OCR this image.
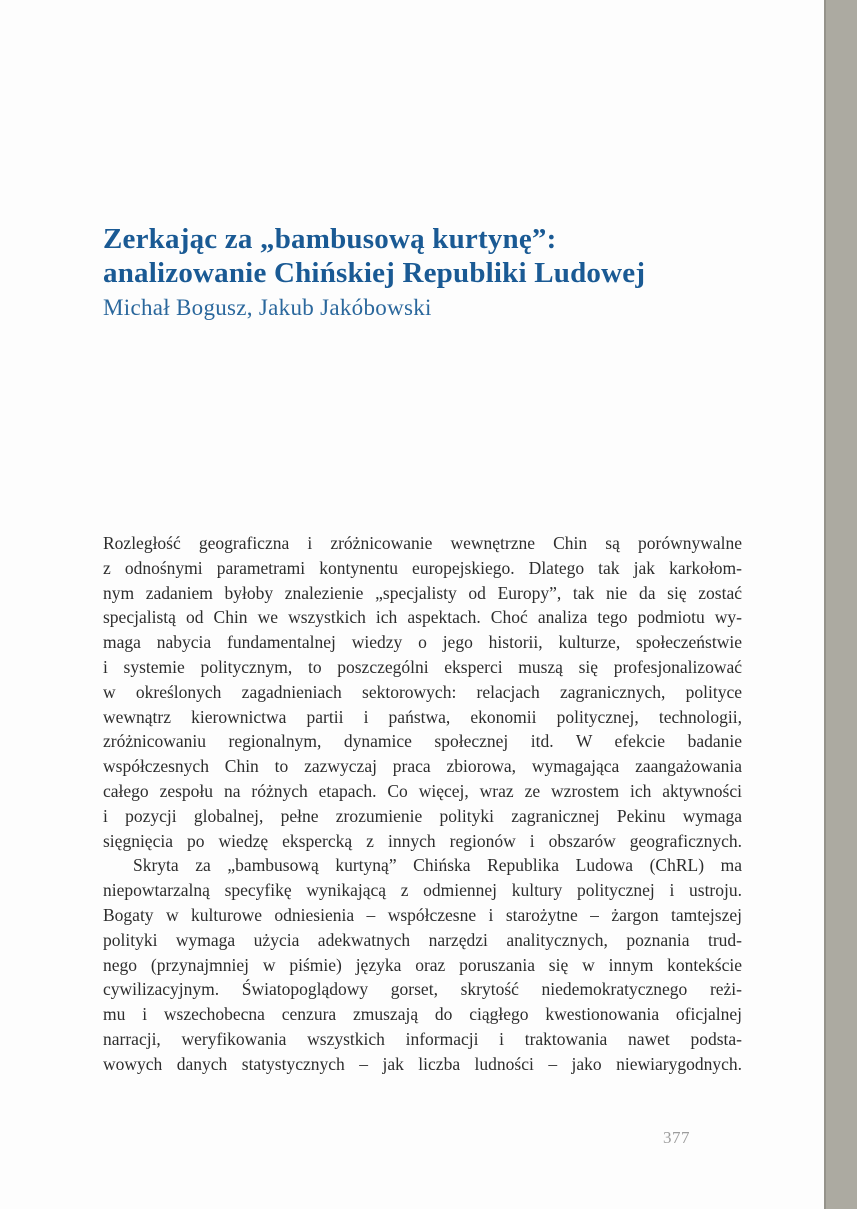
Zerkając za „bambusową kurtynę”:
analizowanie Chińskiej Republiki Ludowej
Michał Bogusz, Jakub Jakóbowski
Rozległość geograficzna i zróżnicowanie wewnętrzne Chin są porównywalne
z odnośnymi parametrami kontynentu europejskiego. Dlatego tak jak karkołom-
nym zadaniem byłoby znalezienie „specjalisty od Europy”, tak nie da się zostać
specjalistą od Chin we wszystkich ich aspektach. Choć analiza tego podmiotu wy-
maga nabycia fundamentalnej wiedzy o jego historii, kulturze, społeczeństwie
i systemie politycznym, to poszczególni eksperci muszą się profesjonalizować
w określonych zagadnieniach sektorowych: relacjach zagranicznych, polityce
wewnątrz kierownictwa partii i państwa, ekonomii politycznej, technologii,
zróżnicowaniu regionalnym, dynamice społecznej itd. W efekcie badanie
współczesnych Chin to zazwyczaj praca zbiorowa, wymagająca zaangażowania
całego zespołu na różnych etapach. Co więcej, wraz ze wzrostem ich aktywności
i pozycji globalnej, pełne zrozumienie polityki zagranicznej Pekinu wymaga
sięgnięcia po wiedzę ekspercką z innych regionów i obszarów geograficznych.
Skryta za „bambusową kurtyną” Chińska Republika Ludowa (ChRL) ma
niepowtarzalną specyfikę wynikającą z odmiennej kultury politycznej i ustroju.
Bogaty w kulturowe odniesienia – współczesne i starożytne – żargon tamtejszej
polityki wymaga użycia adekwatnych narzędzi analitycznych, poznania trud-
nego (przynajmniej w piśmie) języka oraz poruszania się w innym kontekście
cywilizacyjnym. Światopoglądowy gorset, skrytość niedemokratycznego reżi-
mu i wszechobecna cenzura zmuszają do ciągłego kwestionowania oficjalnej
narracji, weryfikowania wszystkich informacji i traktowania nawet podsta-
wowych danych statystycznych – jak liczba ludności – jako niewiarygodnych.
377
